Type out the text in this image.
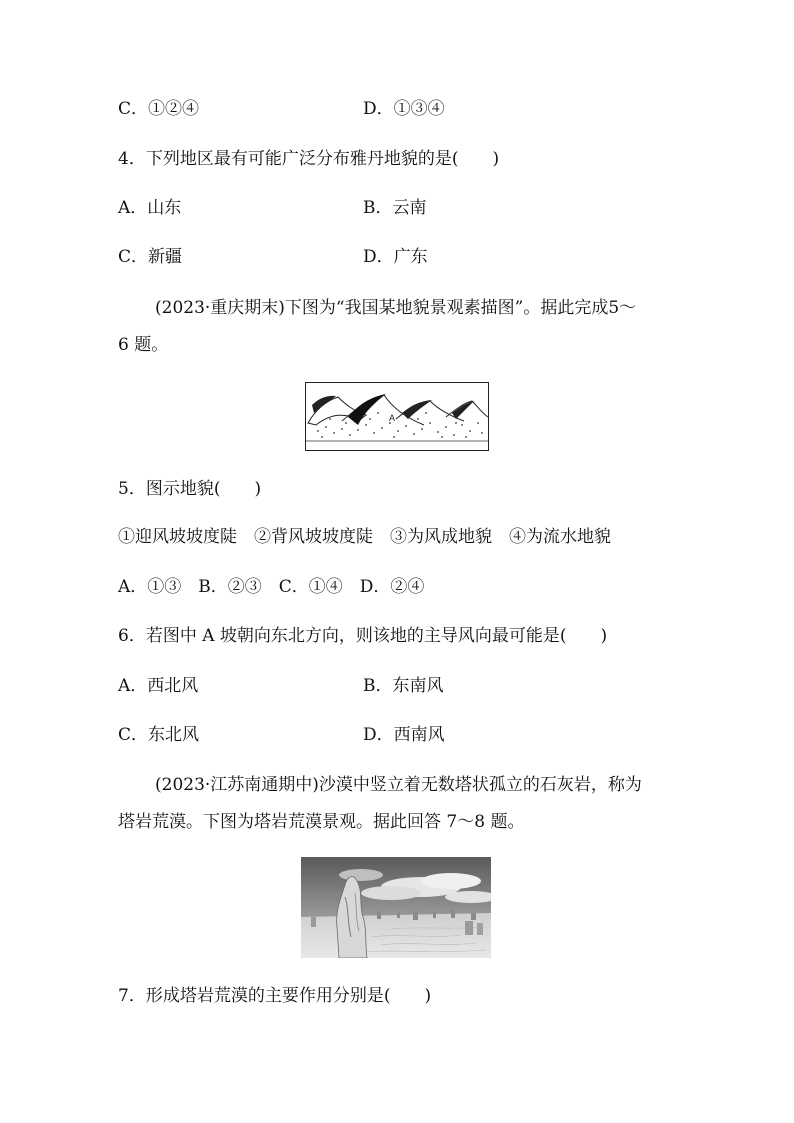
C．①②④	D．①③④
4．下列地区最有可能广泛分布雅丹地貌的是(　　)
A．山东	B．云南
C．新疆	D．广东
(2023·重庆期末)下图为“我国某地貌景观素描图”。据此完成5～
6 题。
A
5．图示地貌(　　)
①迎风坡坡度陡　②背风坡坡度陡　③为风成地貌　④为流水地貌
A．①③　B．②③　C．①④　D．②④
6．若图中 A 坡朝向东北方向，则该地的主导风向最可能是(　　)
A．西北风	B．东南风
C．东北风	D．西南风
(2023·江苏南通期中)沙漠中竖立着无数塔状孤立的石灰岩，称为
塔岩荒漠。下图为塔岩荒漠景观。据此回答 7～8 题。
7．形成塔岩荒漠的主要作用分别是(　　)
